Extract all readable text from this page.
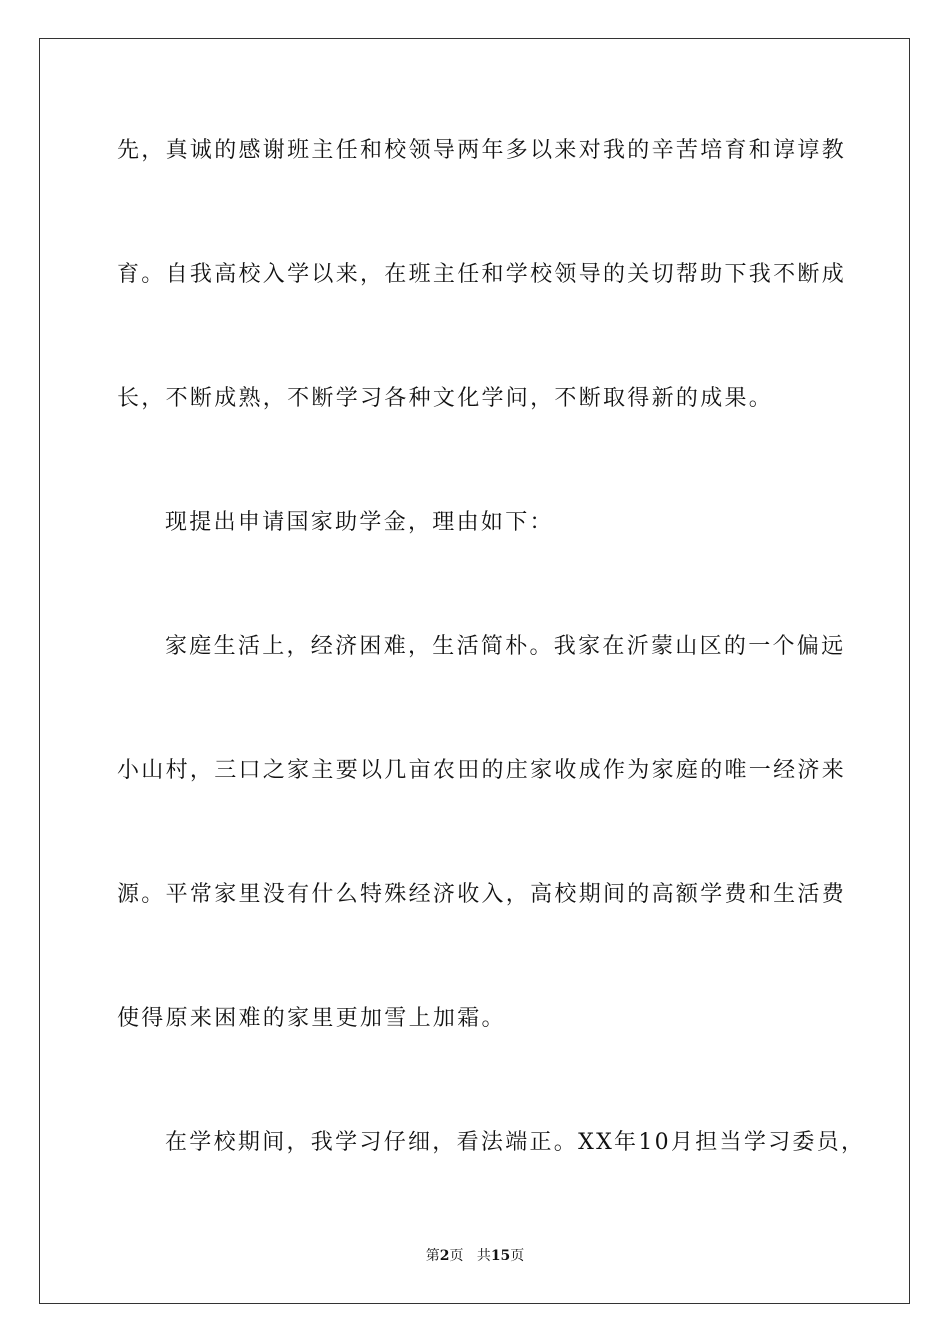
先，真诚的感谢班主任和校领导两年多以来对我的辛苦培育和谆谆教
育。自我高校入学以来，在班主任和学校领导的关切帮助下我不断成
长，不断成熟，不断学习各种文化学问，不断取得新的成果。
现提出申请国家助学金，理由如下：
家庭生活上，经济困难，生活简朴。我家在沂蒙山区的一个偏远
小山村，三口之家主要以几亩农田的庄家收成作为家庭的唯一经济来
源。平常家里没有什么特殊经济收入，高校期间的高额学费和生活费
使得原来困难的家里更加雪上加霜。
在学校期间，我学习仔细，看法端正。XX年10月担当学习委员，
第2页 共15页
